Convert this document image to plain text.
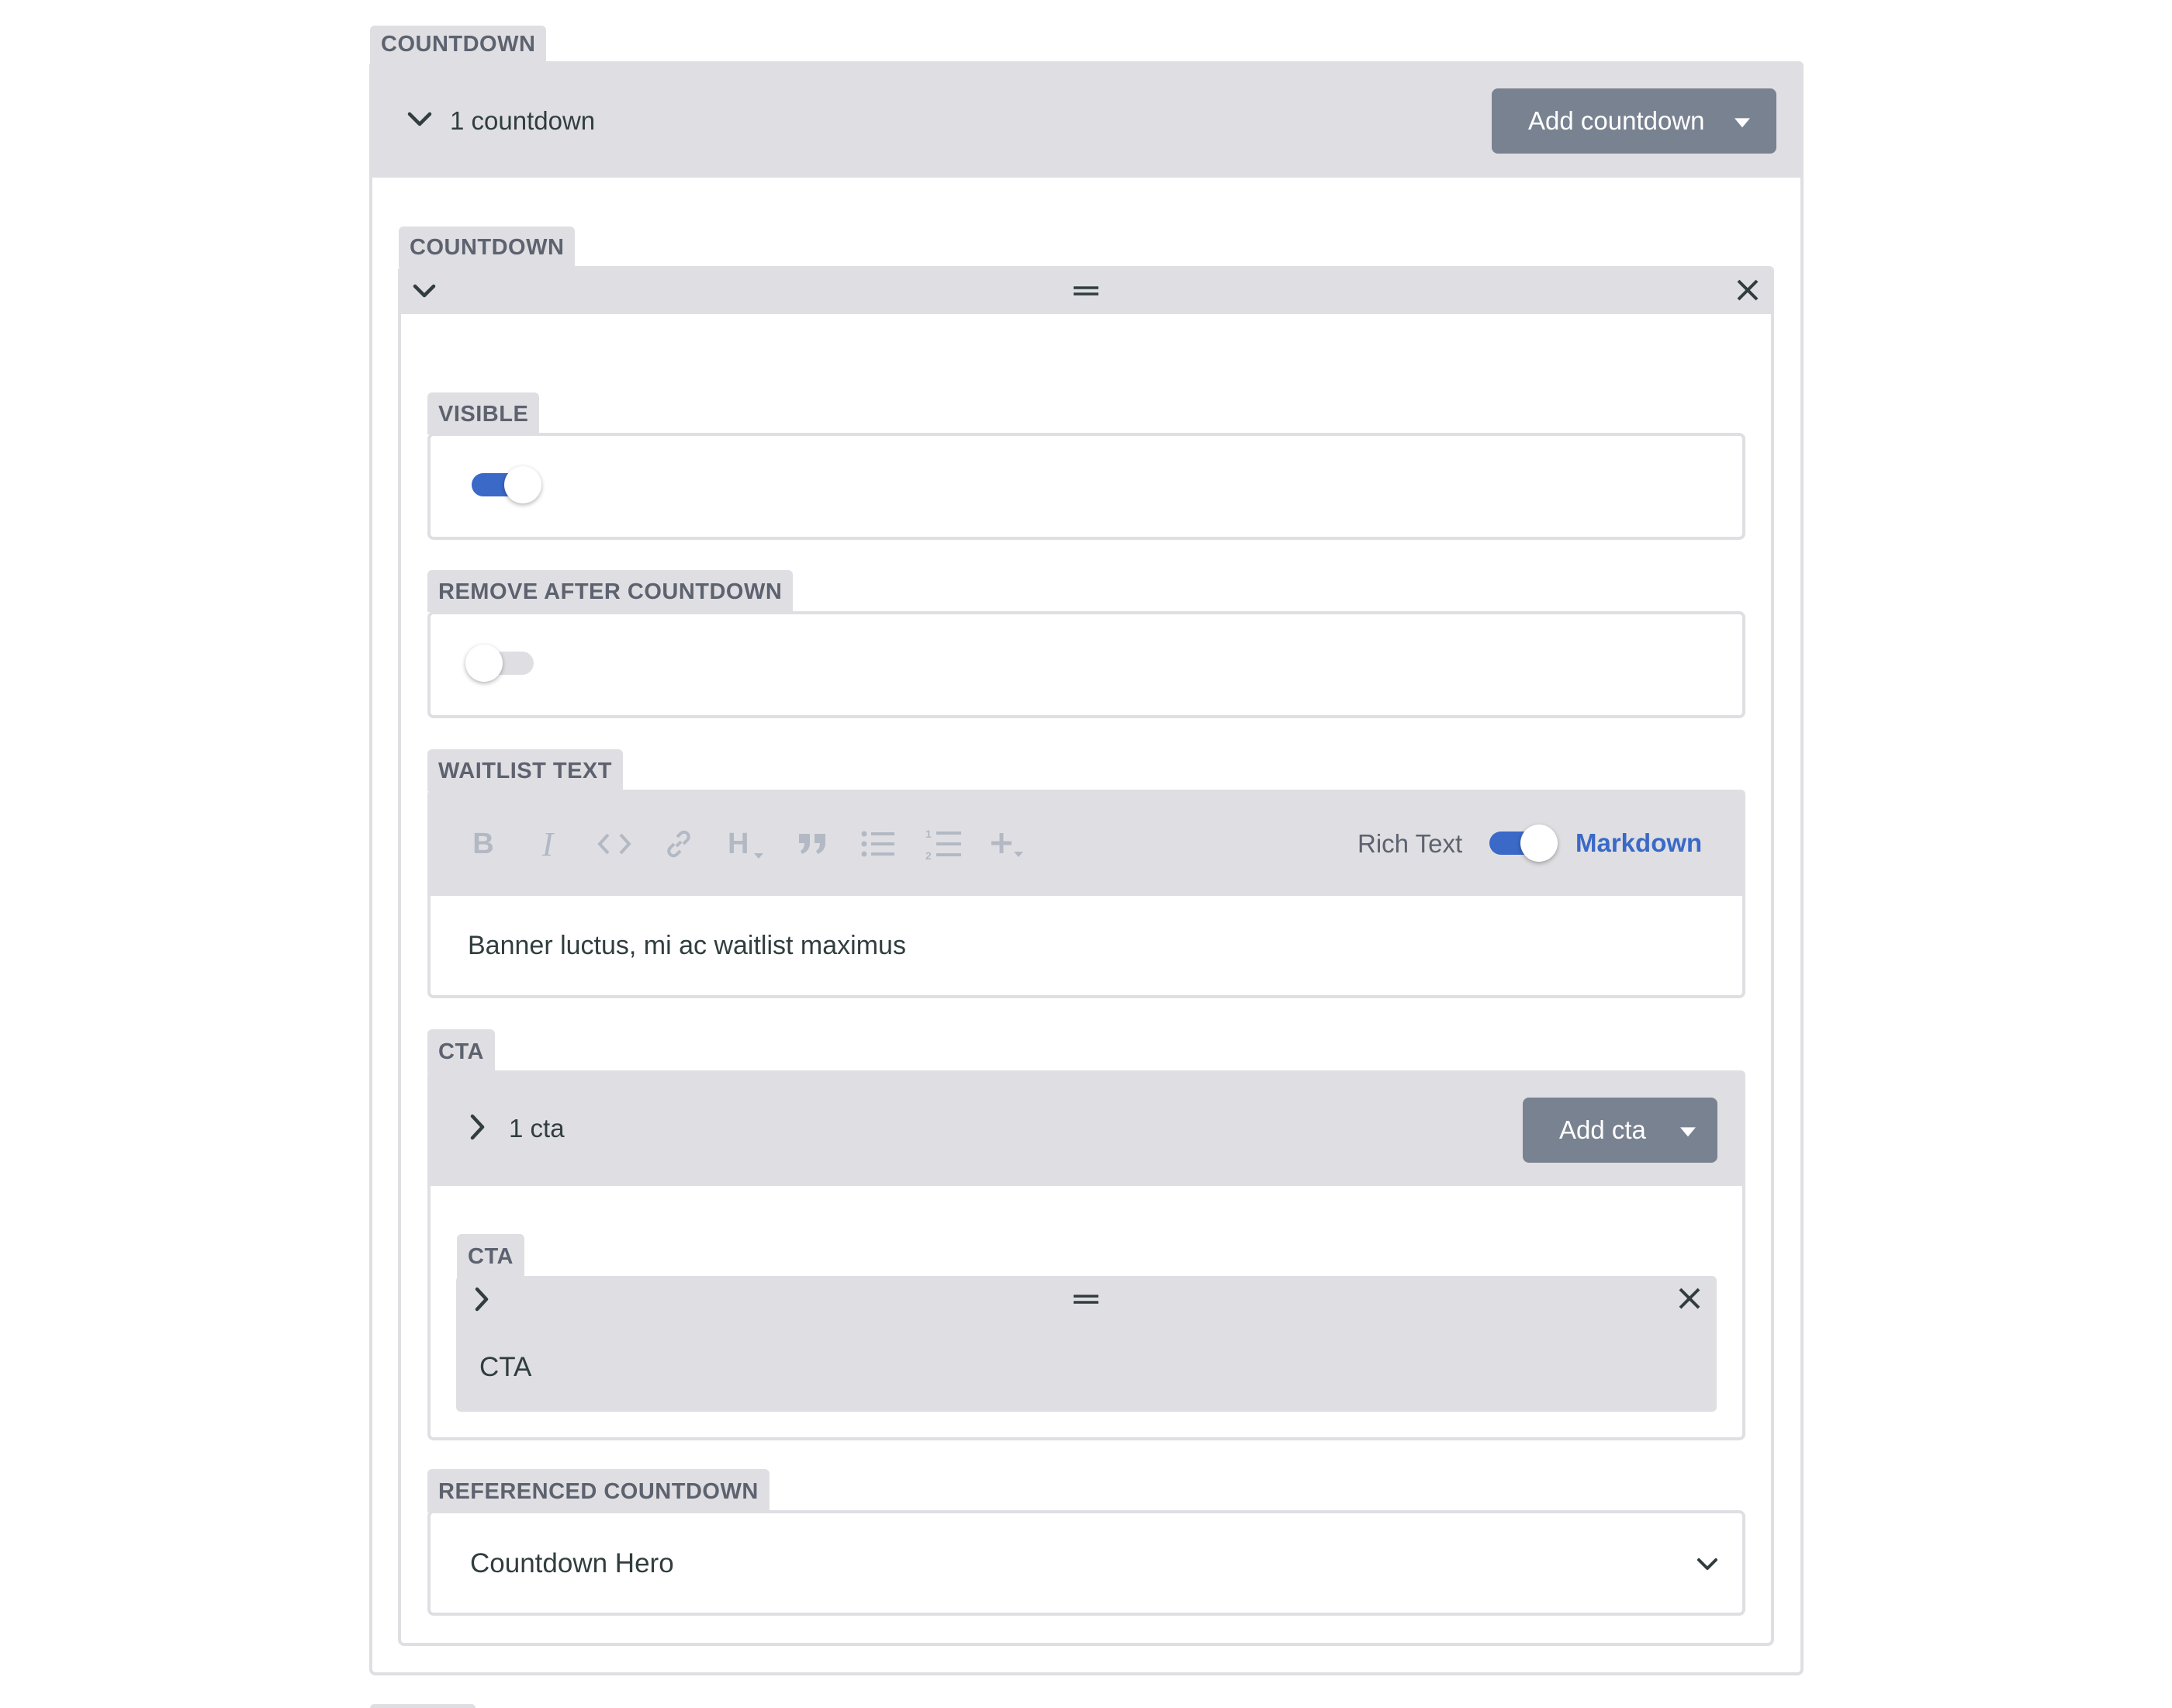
COUNTDOWN
1 countdown	Add countdown
COUNTDOWN
VISIBLE
REMOVE AFTER COUNTDOWN
WAITLIST TEXT
B	I	H	1
2	Rich Text	Markdown
Banner luctus, mi ac waitlist maximus
CTA
1 cta	Add cta
CTA
CTA
REFERENCED COUNTDOWN
Countdown Hero
